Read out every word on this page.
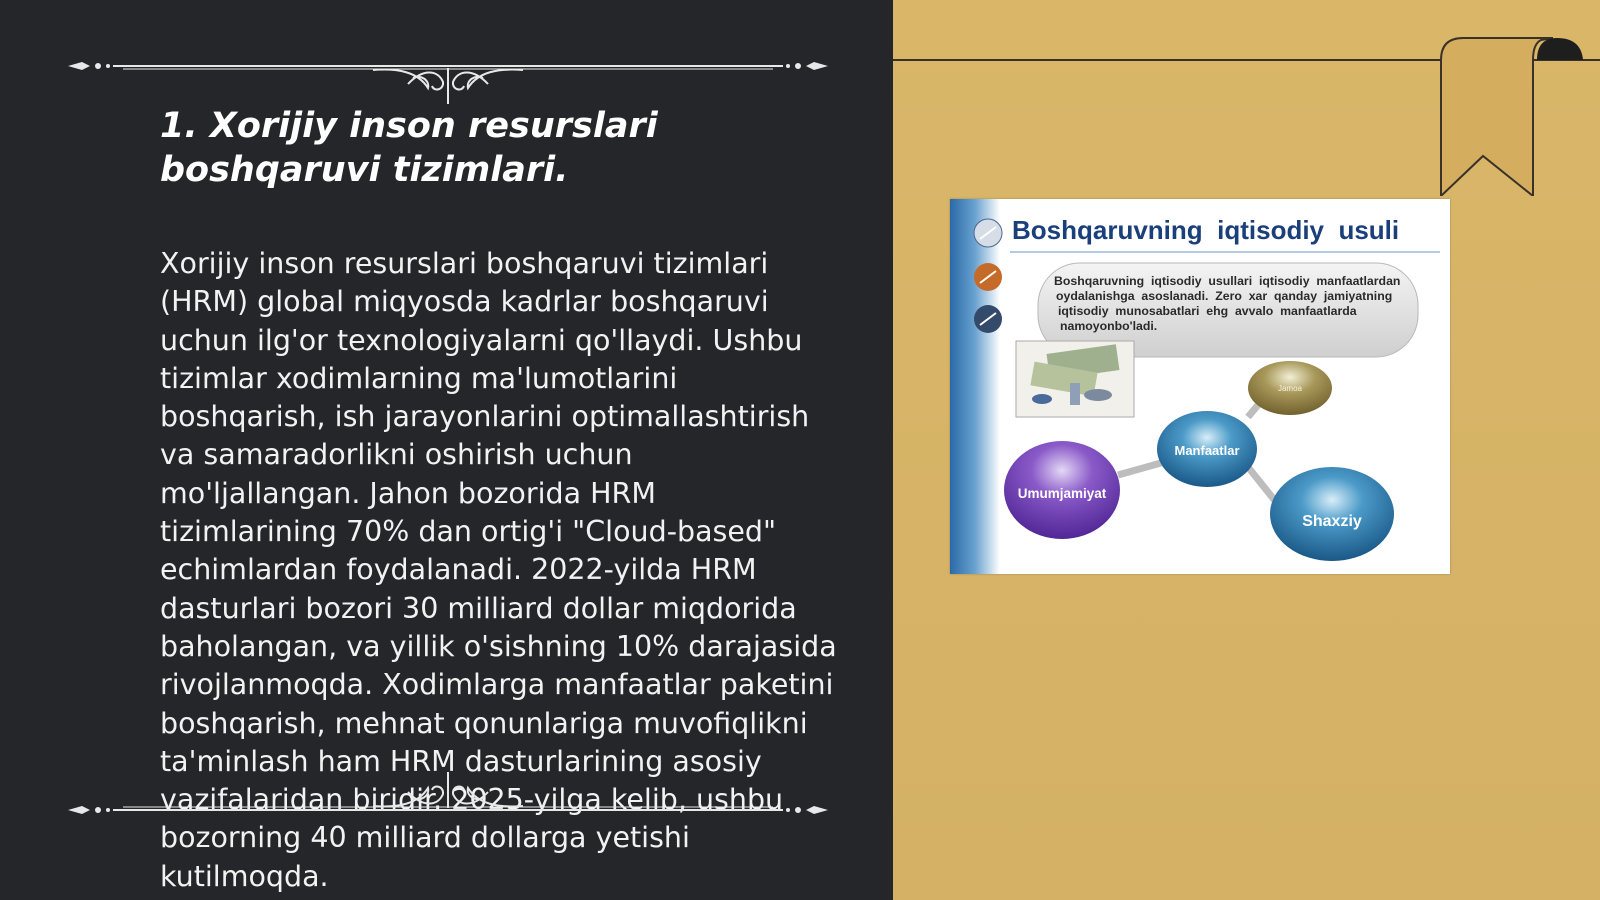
1. Xorijiy inson resurslari boshqaruvi tizimlari.

Xorijiy inson resurslari boshqaruvi tizimlari (HRM) global miqyosda kadrlar boshqaruvi uchun ilg'or texnologiyalarni qo'llaydi. Ushbu tizimlar xodimlarning ma'lumotlarini boshqarish, ish jarayonlarini optimallashtirish va samaradorlikni oshirish uchun mo'ljallangan. Jahon bozorida HRM tizimlarining 70% dan ortig'i "Cloud-based" echimlardan foydalanadi. 2022-yilda HRM dasturlari bozori 30 milliard dollar miqdorida baholangan, va yillik o'sishning 10% darajasida rivojlanmoqda. Xodimlarga manfaatlar paketini boshqarish, mehnat qonunlariga muvofiqlikni ta'minlash ham HRM dasturlarining asosiy vazifalaridan biridir. 2025-yilga kelib, ushbu bozorning 40 milliard dollarga yetishi kutilmoqda.

Boshqaruvning  iqtisodiy  usuli
Boshqaruvning  iqtisodiy  usullari  iqtisodiy  manfaatlardan
oydalanishga  asoslanadi.  Zero  xar  qanday  jamiyatning
iqtisodiy  munosabatlari  ehg  avvalo  manfaatlarda
namoyonbo'ladi.
Jamoa
Manfaatlar
Umumjamiyat
Shaxziy
